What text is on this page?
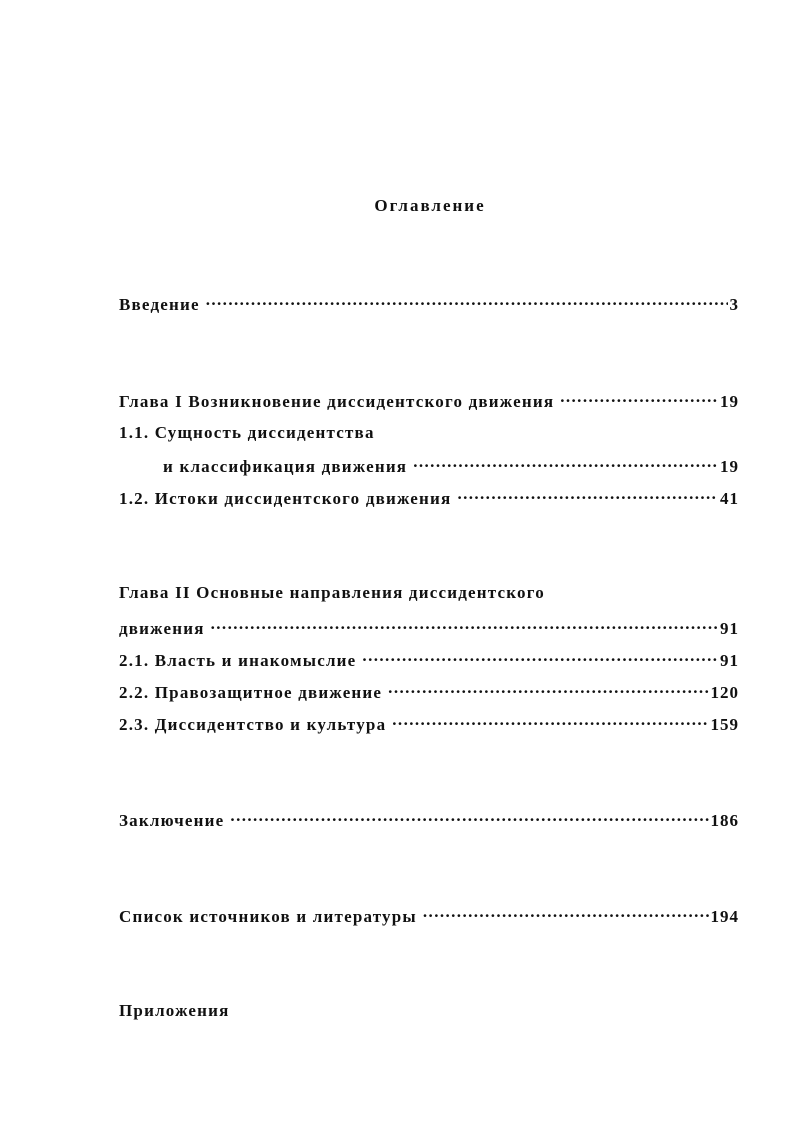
Оглавление
Введение .....	3
Глава I Возникновение диссидентского движения .....	19
1.1. Сущность диссидентства
и классификация движения .....	19
1.2. Истоки диссидентского движения .....	41
Глава II Основные направления диссидентского
движения .....	91
2.1. Власть и инакомыслие .....	91
2.2. Правозащитное движение .....	120
2.3. Диссидентство и культура .....	159
Заключение .....	186
Список источников и литературы .....	194
Приложения
